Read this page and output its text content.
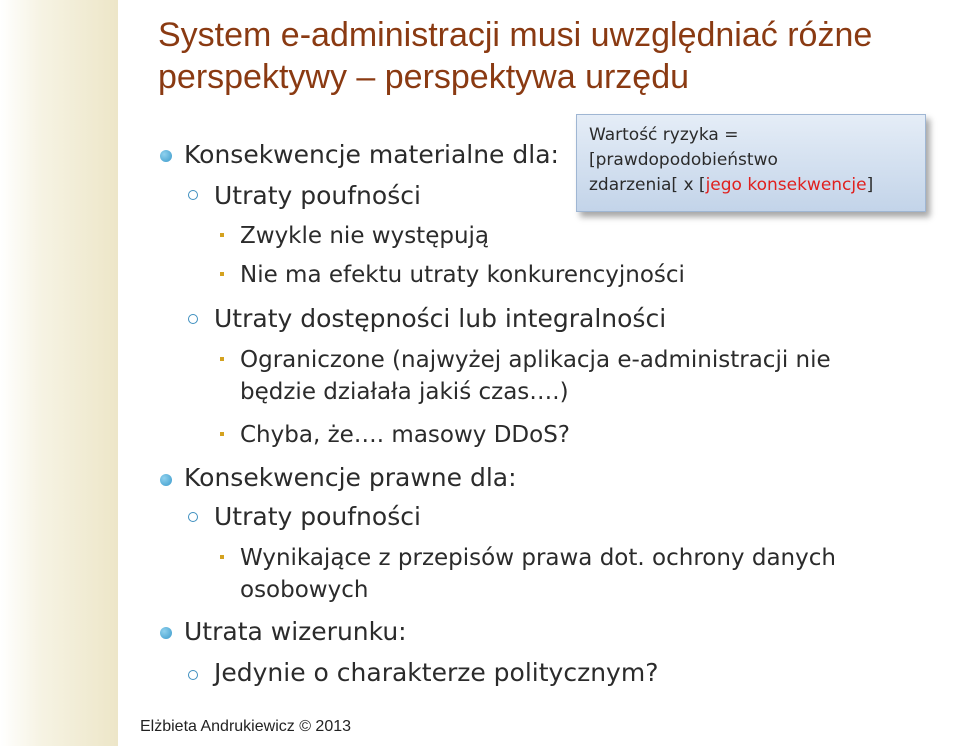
System e-administracji musi uwzględniać różne perspektywy – perspektywa urzędu

Konsekwencje materialne dla:

Utraty poufności

Zwykle nie występują

Nie ma efektu utraty konkurencyjności

Utraty dostępności lub integralności

Ograniczone (najwyżej aplikacja e-administracji nie będzie działała jakiś czas….)

Chyba, że…. masowy DDoS?

Konsekwencje prawne dla:

Utraty poufności

Wynikające z przepisów prawa dot. ochrony danych osobowych

Utrata wizerunku:

Jedynie o charakterze politycznym?

Wartość ryzyka =
[prawdopodobieństwo
zdarzenia[ x [jego konsekwencje]

Elżbieta Andrukiewicz © 2013
